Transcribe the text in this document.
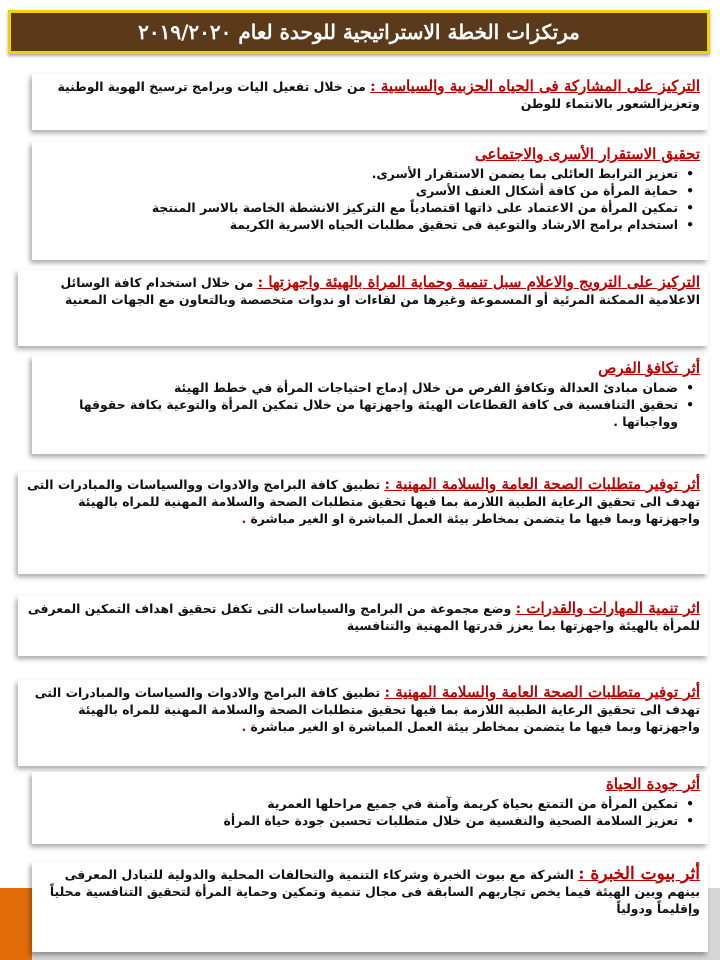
مرتكزات الخطة الاستراتيجية للوحدة لعام ٢٠١٩/٢٠٢٠
التركيز على المشاركة فى الحياه الحزبية والسياسية : من خلال تفعيل اليات وبرامج ترسيخ الهوية الوطنية وتعزيزالشعور بالانتماء للوطن
تحقيق الاستقرار الأسرى والاجتماعى
• تعزيز الترابط العائلى بما يضمن الاستقرار الأسرى.
• حماية المرأة من كافة أشكال العنف الأسرى
• تمكين المرأة من الاعتماد على ذاتها اقتصادياً مع التركيز الانشطة الخاصة بالاسر المنتجة
• استخدام برامج الارشاد والتوعية فى تحقيق مطلبات الحياه الاسرية الكريمة
التركيز على الترويج والاعلام سبل تنمية وحماية المراة بالهيئة واجهزتها : من خلال استخدام كافة الوسائل الاعلامية الممكنة المرئية أو المسموعة وغيرها من لقاءات او ندوات متخصصة وبالتعاون مع الجهات المعنية
أثر تكافؤ الفرص
• ضمان مبادئ العدالة وتكافؤ الفرص من خلال إدماج احتياجات المرأة في خطط الهيئة
• تحقيق التنافسية فى كافة القطاعات الهيئة واجهزتها من خلال تمكين المرأة والتوعية بكافة حقوقها وواجباتها .
أثر توفير متطلبات الصحة العامة والسلامة المهنية : تطبيق كافة البرامج والادوات ووالسياسات والمبادرات التى تهدف الى تحقيق الرعاية الطبية اللازمة بما فيها تحقيق متطلبات الصحة والسلامة المهنية للمراه بالهيئة واجهزتها وبما فيها ما يتضمن بمخاطر بيئة العمل المباشرة او الغير مباشرة .
اثر تنمية المهارات والقدرات : وضع مجموعة من البرامج والسياسات التى تكفل تحقيق اهداف التمكين المعرفى للمرأة بالهيئة واجهزتها بما يعزز قدرتها المهنية والتنافسية
أثر توفير متطلبات الصحة العامة والسلامة المهنية : تطبيق كافة البرامج والادوات والسياسات والمبادرات التى تهدف الى تحقيق الرعاية الطبية اللازمة بما فيها تحقيق متطلبات الصحة والسلامة المهنية للمراه بالهيئة واجهزتها وبما فيها ما يتضمن بمخاطر بيئة العمل المباشرة او الغير مباشرة .
أثر جودة الحياة
• تمكين المرأة من التمتع بحياة كريمة وآمنة في جميع مراحلها العمرية
• تعزيز السلامة الصحية والنفسية من خلال متطلبات تحسين جودة حياة المرأة
أثر بيوت الخبرة : الشركة مع بيوت الخبرة وشركاء التنمية والتحالفات المحلية والدولية للتبادل المعرفى بينهم وبين الهيئة فيما يخص تجاربهم السابقة فى مجال تنمية وتمكين وحماية المرأة لتحقيق التنافسية محلياً وإقليماً ودولياً
